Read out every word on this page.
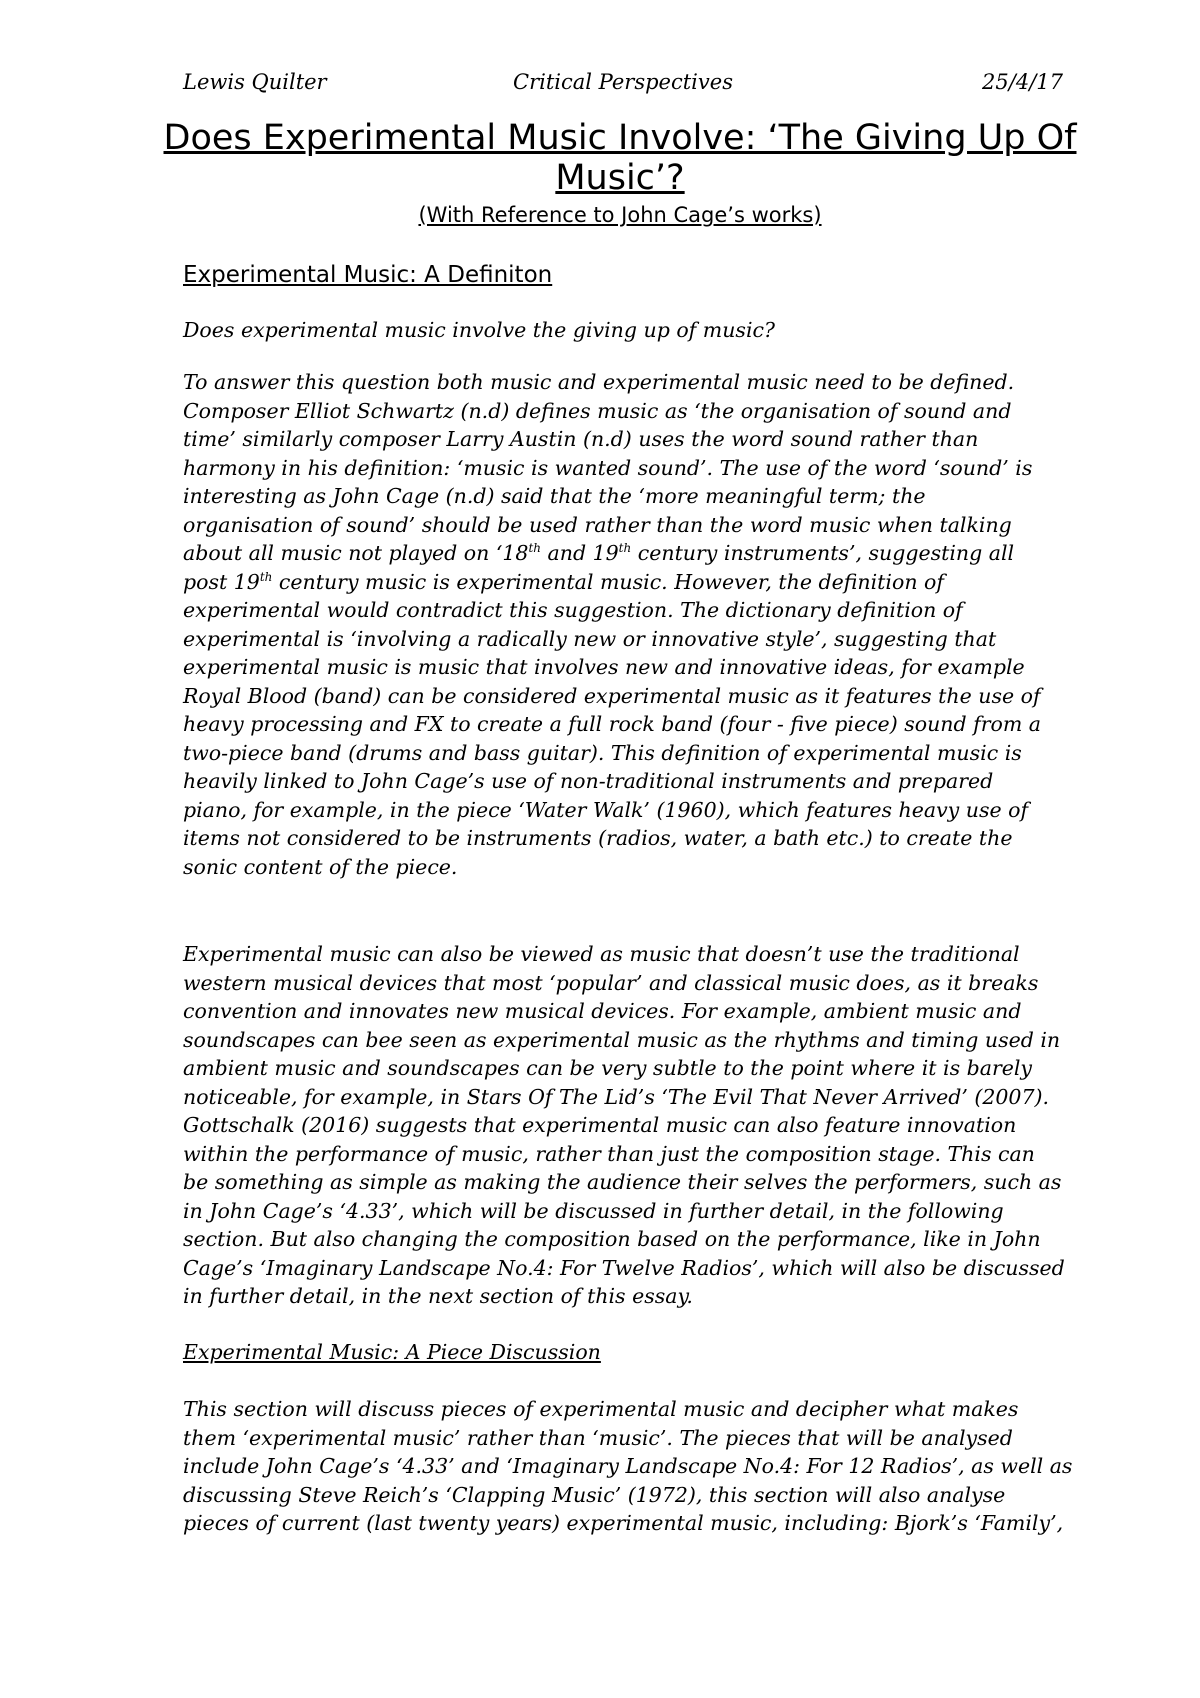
Lewis Quilter	Critical Perspectives	25/4/17
Does Experimental Music Involve: ‘The Giving Up Of
Music’?
(With Reference to John Cage’s works)
Experimental Music: A Definiton

Does experimental music involve the giving up of music?

To answer this question both music and experimental music need to be defined.
Composer Elliot Schwartz (n.d) defines music as ‘the organisation of sound and
time’ similarly composer Larry Austin (n.d) uses the word sound rather than
harmony in his definition: ‘music is wanted sound’. The use of the word ‘sound’ is
interesting as John Cage (n.d) said that the ‘more meaningful term; the
organisation of sound’ should be used rather than the word music when talking
about all music not played on ‘18th and 19th century instruments’, suggesting all
post 19th century music is experimental music. However, the definition of
experimental would contradict this suggestion. The dictionary definition of
experimental is ‘involving a radically new or innovative style’, suggesting that
experimental music is music that involves new and innovative ideas, for example
Royal Blood (band) can be considered experimental music as it features the use of
heavy processing and FX to create a full rock band (four - five piece) sound from a
two-piece band (drums and bass guitar). This definition of experimental music is
heavily linked to John Cage’s use of non-traditional instruments and prepared
piano, for example, in the piece ‘Water Walk’ (1960), which features heavy use of
items not considered to be instruments (radios, water, a bath etc.) to create the
sonic content of the piece.

Experimental music can also be viewed as music that doesn’t use the traditional
western musical devices that most ‘popular’ and classical music does, as it breaks
convention and innovates new musical devices. For example, ambient music and
soundscapes can bee seen as experimental music as the rhythms and timing used in
ambient music and soundscapes can be very subtle to the point where it is barely
noticeable, for example, in Stars Of The Lid’s ‘The Evil That Never Arrived’ (2007).
Gottschalk (2016) suggests that experimental music can also feature innovation
within the performance of music, rather than just the composition stage. This can
be something as simple as making the audience their selves the performers, such as
in John Cage’s ‘4.33’, which will be discussed in further detail, in the following
section. But also changing the composition based on the performance, like in John
Cage’s ‘Imaginary Landscape No.4: For Twelve Radios’, which will also be discussed
in further detail, in the next section of this essay.

Experimental Music: A Piece Discussion

This section will discuss pieces of experimental music and decipher what makes
them ‘experimental music’ rather than ‘music’. The pieces that will be analysed
include John Cage’s ‘4.33’ and ‘Imaginary Landscape No.4: For 12 Radios’, as well as
discussing Steve Reich’s ‘Clapping Music’ (1972), this section will also analyse
pieces of current (last twenty years) experimental music, including: Bjork’s ‘Family’,
